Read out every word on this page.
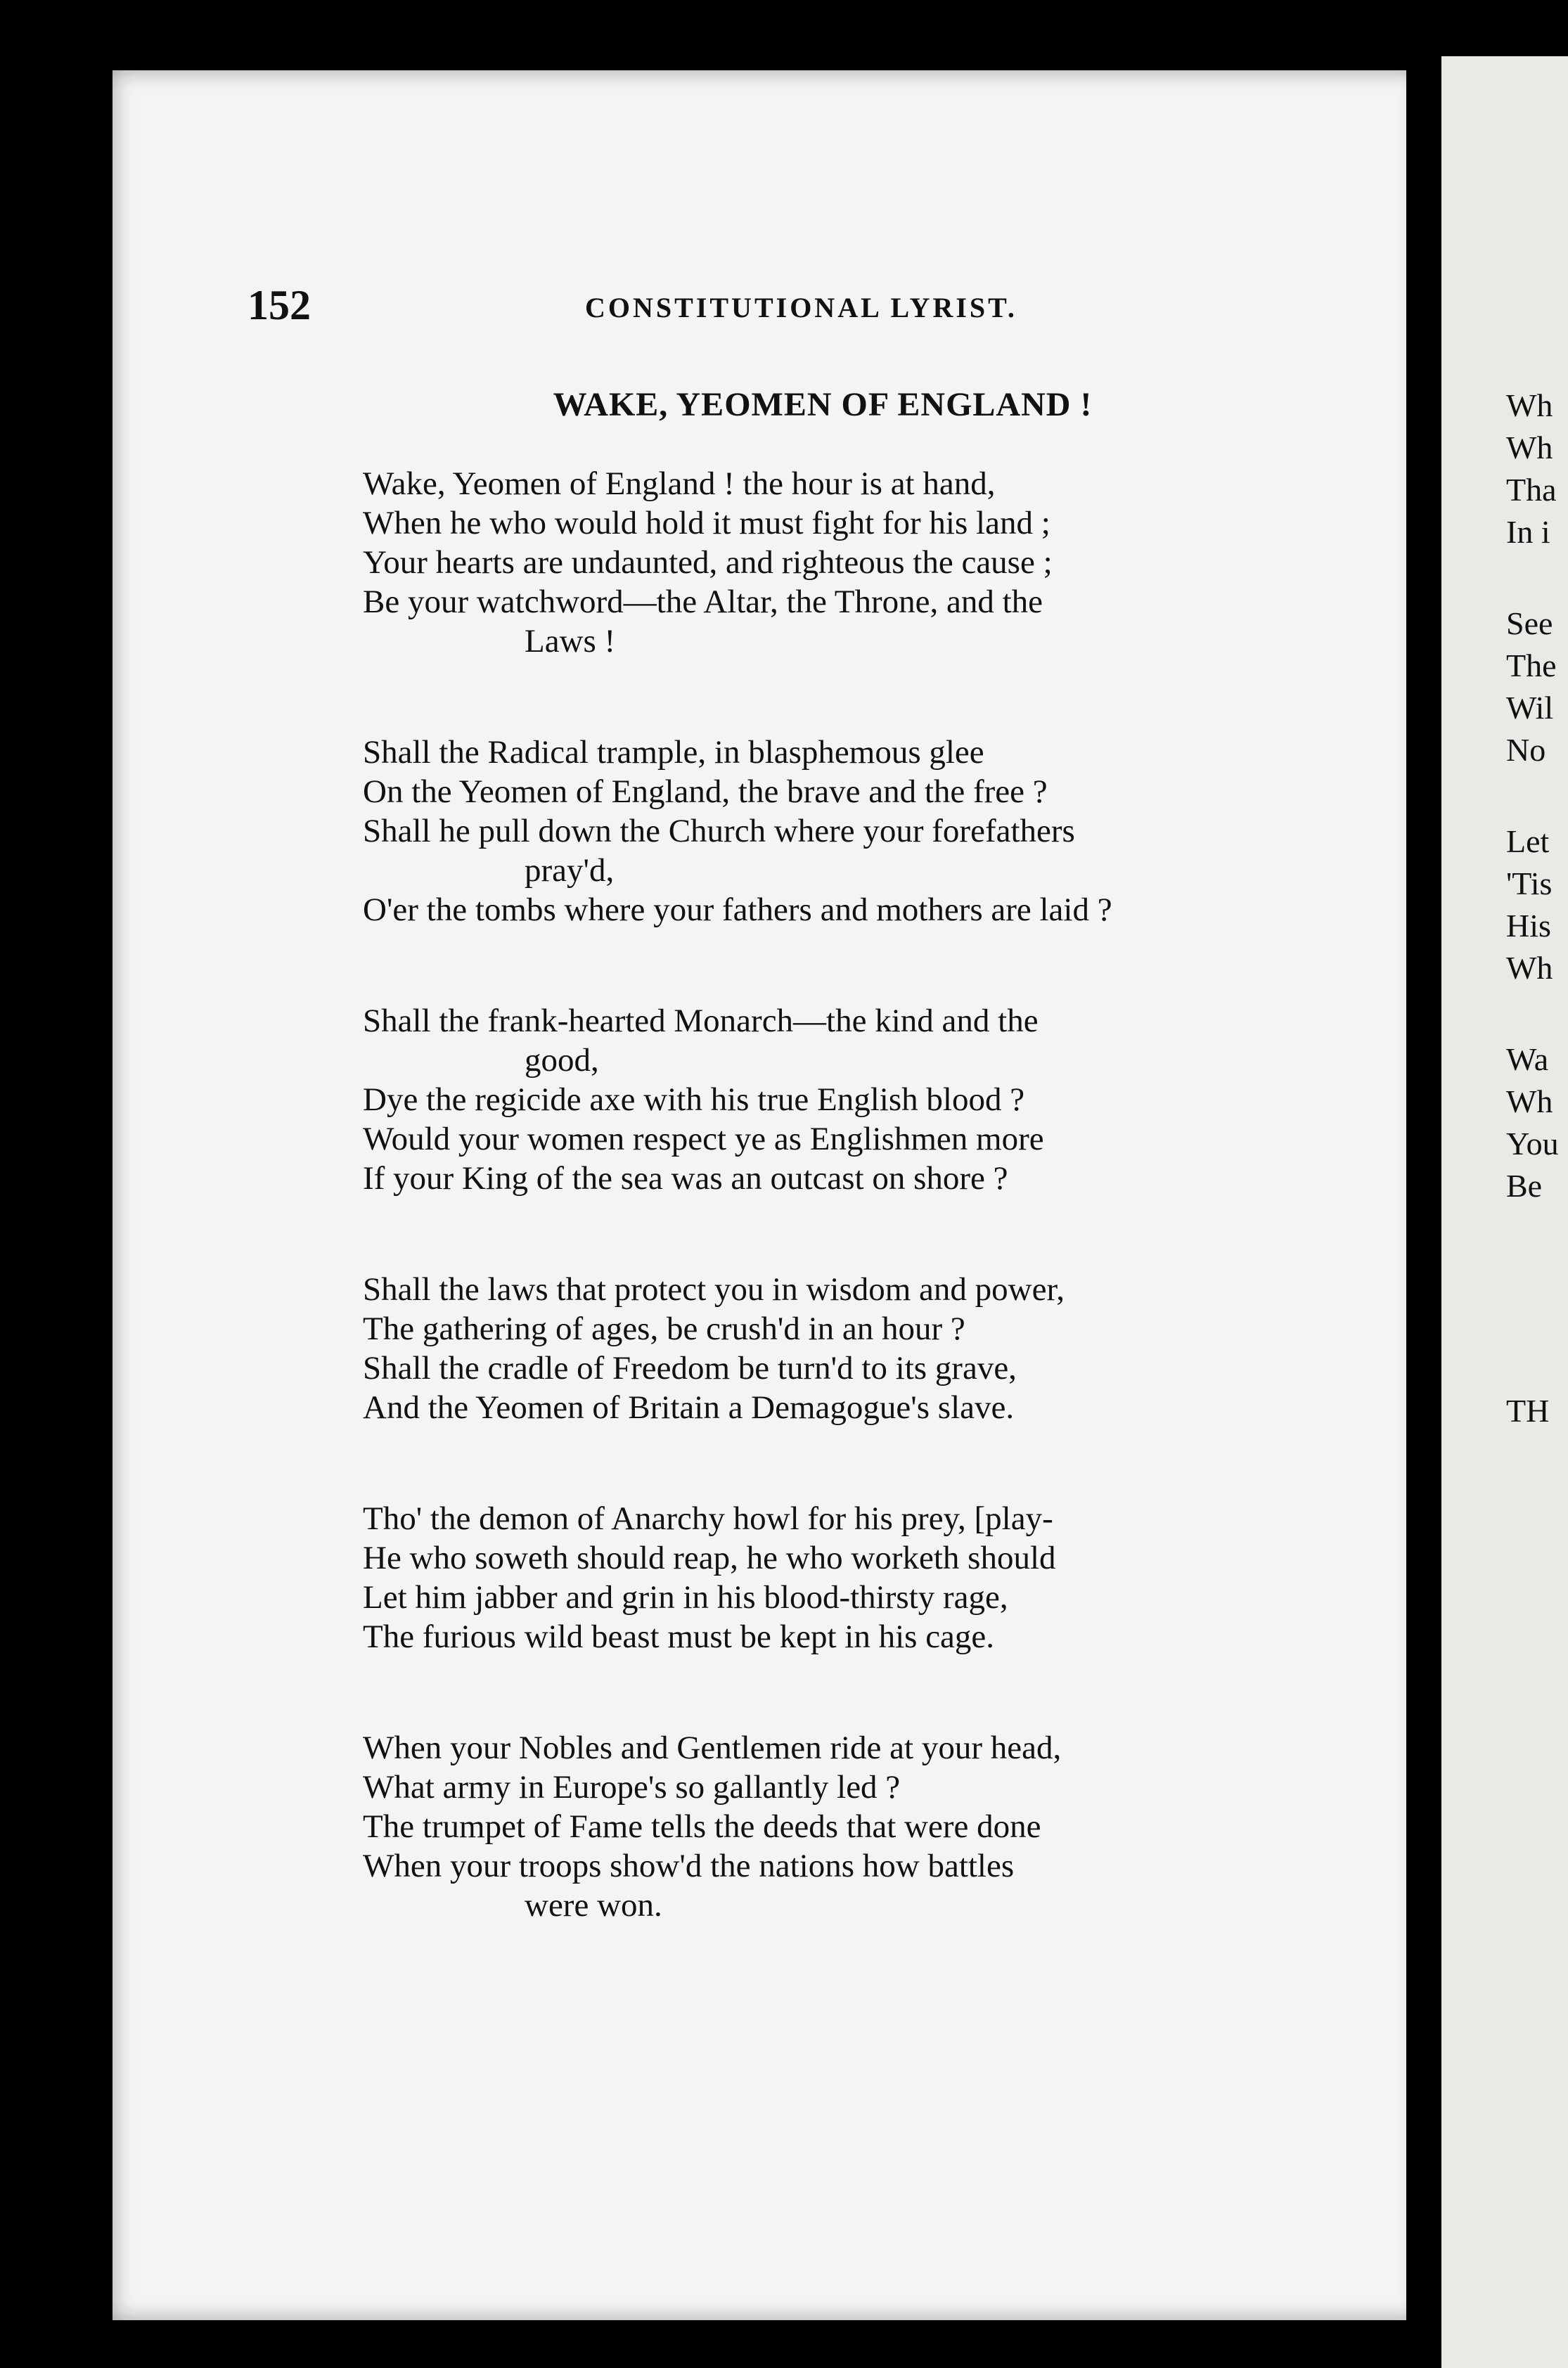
Wh
Wh
Tha
In i
See
The
Wil
No
Let
'Tis
His
Wh
Wa
Wh
You
Be
TH
152	CONSTITUTIONAL LYRIST.
WAKE, YEOMEN OF ENGLAND !
Wake, Yeomen of England ! the hour is at hand,
When he who would hold it must fight for his land ;
Your hearts are undaunted, and righteous the cause ;
Be your watchword—the Altar, the Throne, and the
Laws !
Shall the Radical trample, in blasphemous glee
On the Yeomen of England, the brave and the free ?
Shall he pull down the Church where your forefathers
pray'd,
O'er the tombs where your fathers and mothers are laid ?
Shall the frank-hearted Monarch—the kind and the
good,
Dye the regicide axe with his true English blood ?
Would your women respect ye as Englishmen more
If your King of the sea was an outcast on shore ?
Shall the laws that protect you in wisdom and power,
The gathering of ages, be crush'd in an hour ?
Shall the cradle of Freedom be turn'd to its grave,
And the Yeomen of Britain a Demagogue's slave.
Tho' the demon of Anarchy howl for his prey, [play-
He who soweth should reap, he who worketh should
Let him jabber and grin in his blood-thirsty rage,
The furious wild beast must be kept in his cage.
When your Nobles and Gentlemen ride at your head,
What army in Europe's so gallantly led ?
The trumpet of Fame tells the deeds that were done
When your troops show'd the nations how battles
were won.
